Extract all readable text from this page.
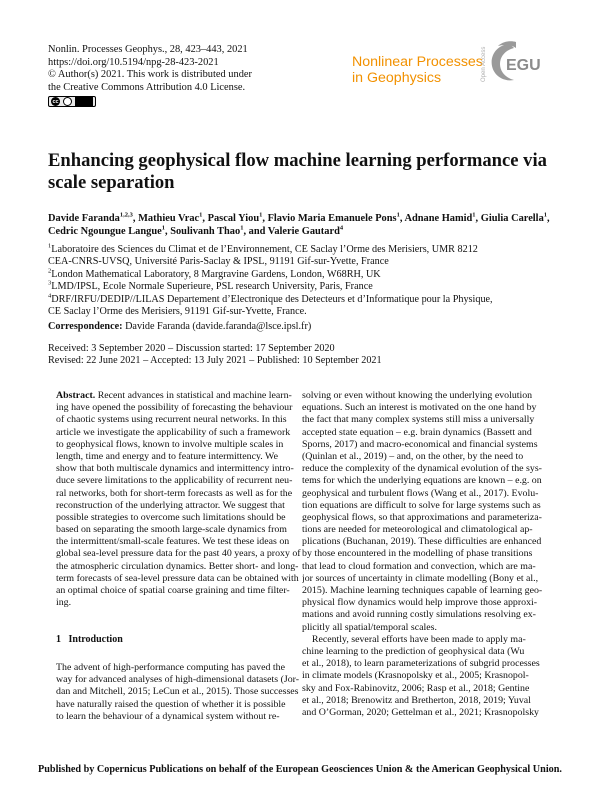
Nonlin. Processes Geophys., 28, 423–443, 2021
https://doi.org/10.5194/npg-28-423-2021
© Author(s) 2021. This work is distributed under
the Creative Commons Attribution 4.0 License.
cc
Nonlinear Processes
in Geophysics	Open Access EGU
Enhancing geophysical flow machine learning performance via scale separation
Davide Faranda$^{1,2,3}$, Mathieu Vrac$^1$, Pascal Yiou$^1$, Flavio Maria Emanuele Pons$^1$, Adnane Hamid$^1$, Giulia Carella$^1$,
Cedric Ngoungue Langue$^1$, Soulivanh Thao$^1$, and Valerie Gautard$^4$
$^1$Laboratoire des Sciences du Climat et de l’Environnement, CE Saclay l’Orme des Merisiers, UMR 8212
CEA-CNRS-UVSQ, Université Paris-Saclay & IPSL, 91191 Gif-sur-Yvette, France
$^2$London Mathematical Laboratory, 8 Margravine Gardens, London, W68RH, UK
$^3$LMD/IPSL, Ecole Normale Superieure, PSL research University, Paris, France
$^4$DRF/IRFU/DEDIP//LILAS Departement d’Electronique des Detecteurs et d’Informatique pour la Physique,
CE Saclay l’Orme des Merisiers, 91191 Gif-sur-Yvette, France.
Correspondence: Davide Faranda (davide.faranda@lsce.ipsl.fr)
Received: 3 September 2020 – Discussion started: 17 September 2020
Revised: 22 June 2021 – Accepted: 13 July 2021 – Published: 10 September 2021
Abstract. Recent advances in statistical and machine learn-
ing have opened the possibility of forecasting the behaviour
of chaotic systems using recurrent neural networks. In this
article we investigate the applicability of such a framework
to geophysical flows, known to involve multiple scales in
length, time and energy and to feature intermittency. We
show that both multiscale dynamics and intermittency intro-
duce severe limitations to the applicability of recurrent neu-
ral networks, both for short-term forecasts as well as for the
reconstruction of the underlying attractor. We suggest that
possible strategies to overcome such limitations should be
based on separating the smooth large-scale dynamics from
the intermittent/small-scale features. We test these ideas on
global sea-level pressure data for the past 40 years, a proxy of
the atmospheric circulation dynamics. Better short- and long-
term forecasts of sea-level pressure data can be obtained with
an optimal choice of spatial coarse graining and time filter-
ing.
1 Introduction
The advent of high-performance computing has paved the
way for advanced analyses of high-dimensional datasets (Jor-
dan and Mitchell, 2015; LeCun et al., 2015). Those successes
have naturally raised the question of whether it is possible
to learn the behaviour of a dynamical system without re-
solving or even without knowing the underlying evolution
equations. Such an interest is motivated on the one hand by
the fact that many complex systems still miss a universally
accepted state equation – e.g. brain dynamics (Bassett and
Sporns, 2017) and macro-economical and financial systems
(Quinlan et al., 2019) – and, on the other, by the need to
reduce the complexity of the dynamical evolution of the sys-
tems for which the underlying equations are known – e.g. on
geophysical and turbulent flows (Wang et al., 2017). Evolu-
tion equations are difficult to solve for large systems such as
geophysical flows, so that approximations and parameteriza-
tions are needed for meteorological and climatological ap-
plications (Buchanan, 2019). These difficulties are enhanced
by those encountered in the modelling of phase transitions
that lead to cloud formation and convection, which are ma-
jor sources of uncertainty in climate modelling (Bony et al.,
2015). Machine learning techniques capable of learning geo-
physical flow dynamics would help improve those approxi-
mations and avoid running costly simulations resolving ex-
plicitly all spatial/temporal scales.
Recently, several efforts have been made to apply ma-
chine learning to the prediction of geophysical data (Wu
et al., 2018), to learn parameterizations of subgrid processes
in climate models (Krasnopolsky et al., 2005; Krasnopol-
sky and Fox-Rabinovitz, 2006; Rasp et al., 2018; Gentine
et al., 2018; Brenowitz and Bretherton, 2018, 2019; Yuval
and O’Gorman, 2020; Gettelman et al., 2021; Krasnopolsky
Published by Copernicus Publications on behalf of the European Geosciences Union & the American Geophysical Union.
